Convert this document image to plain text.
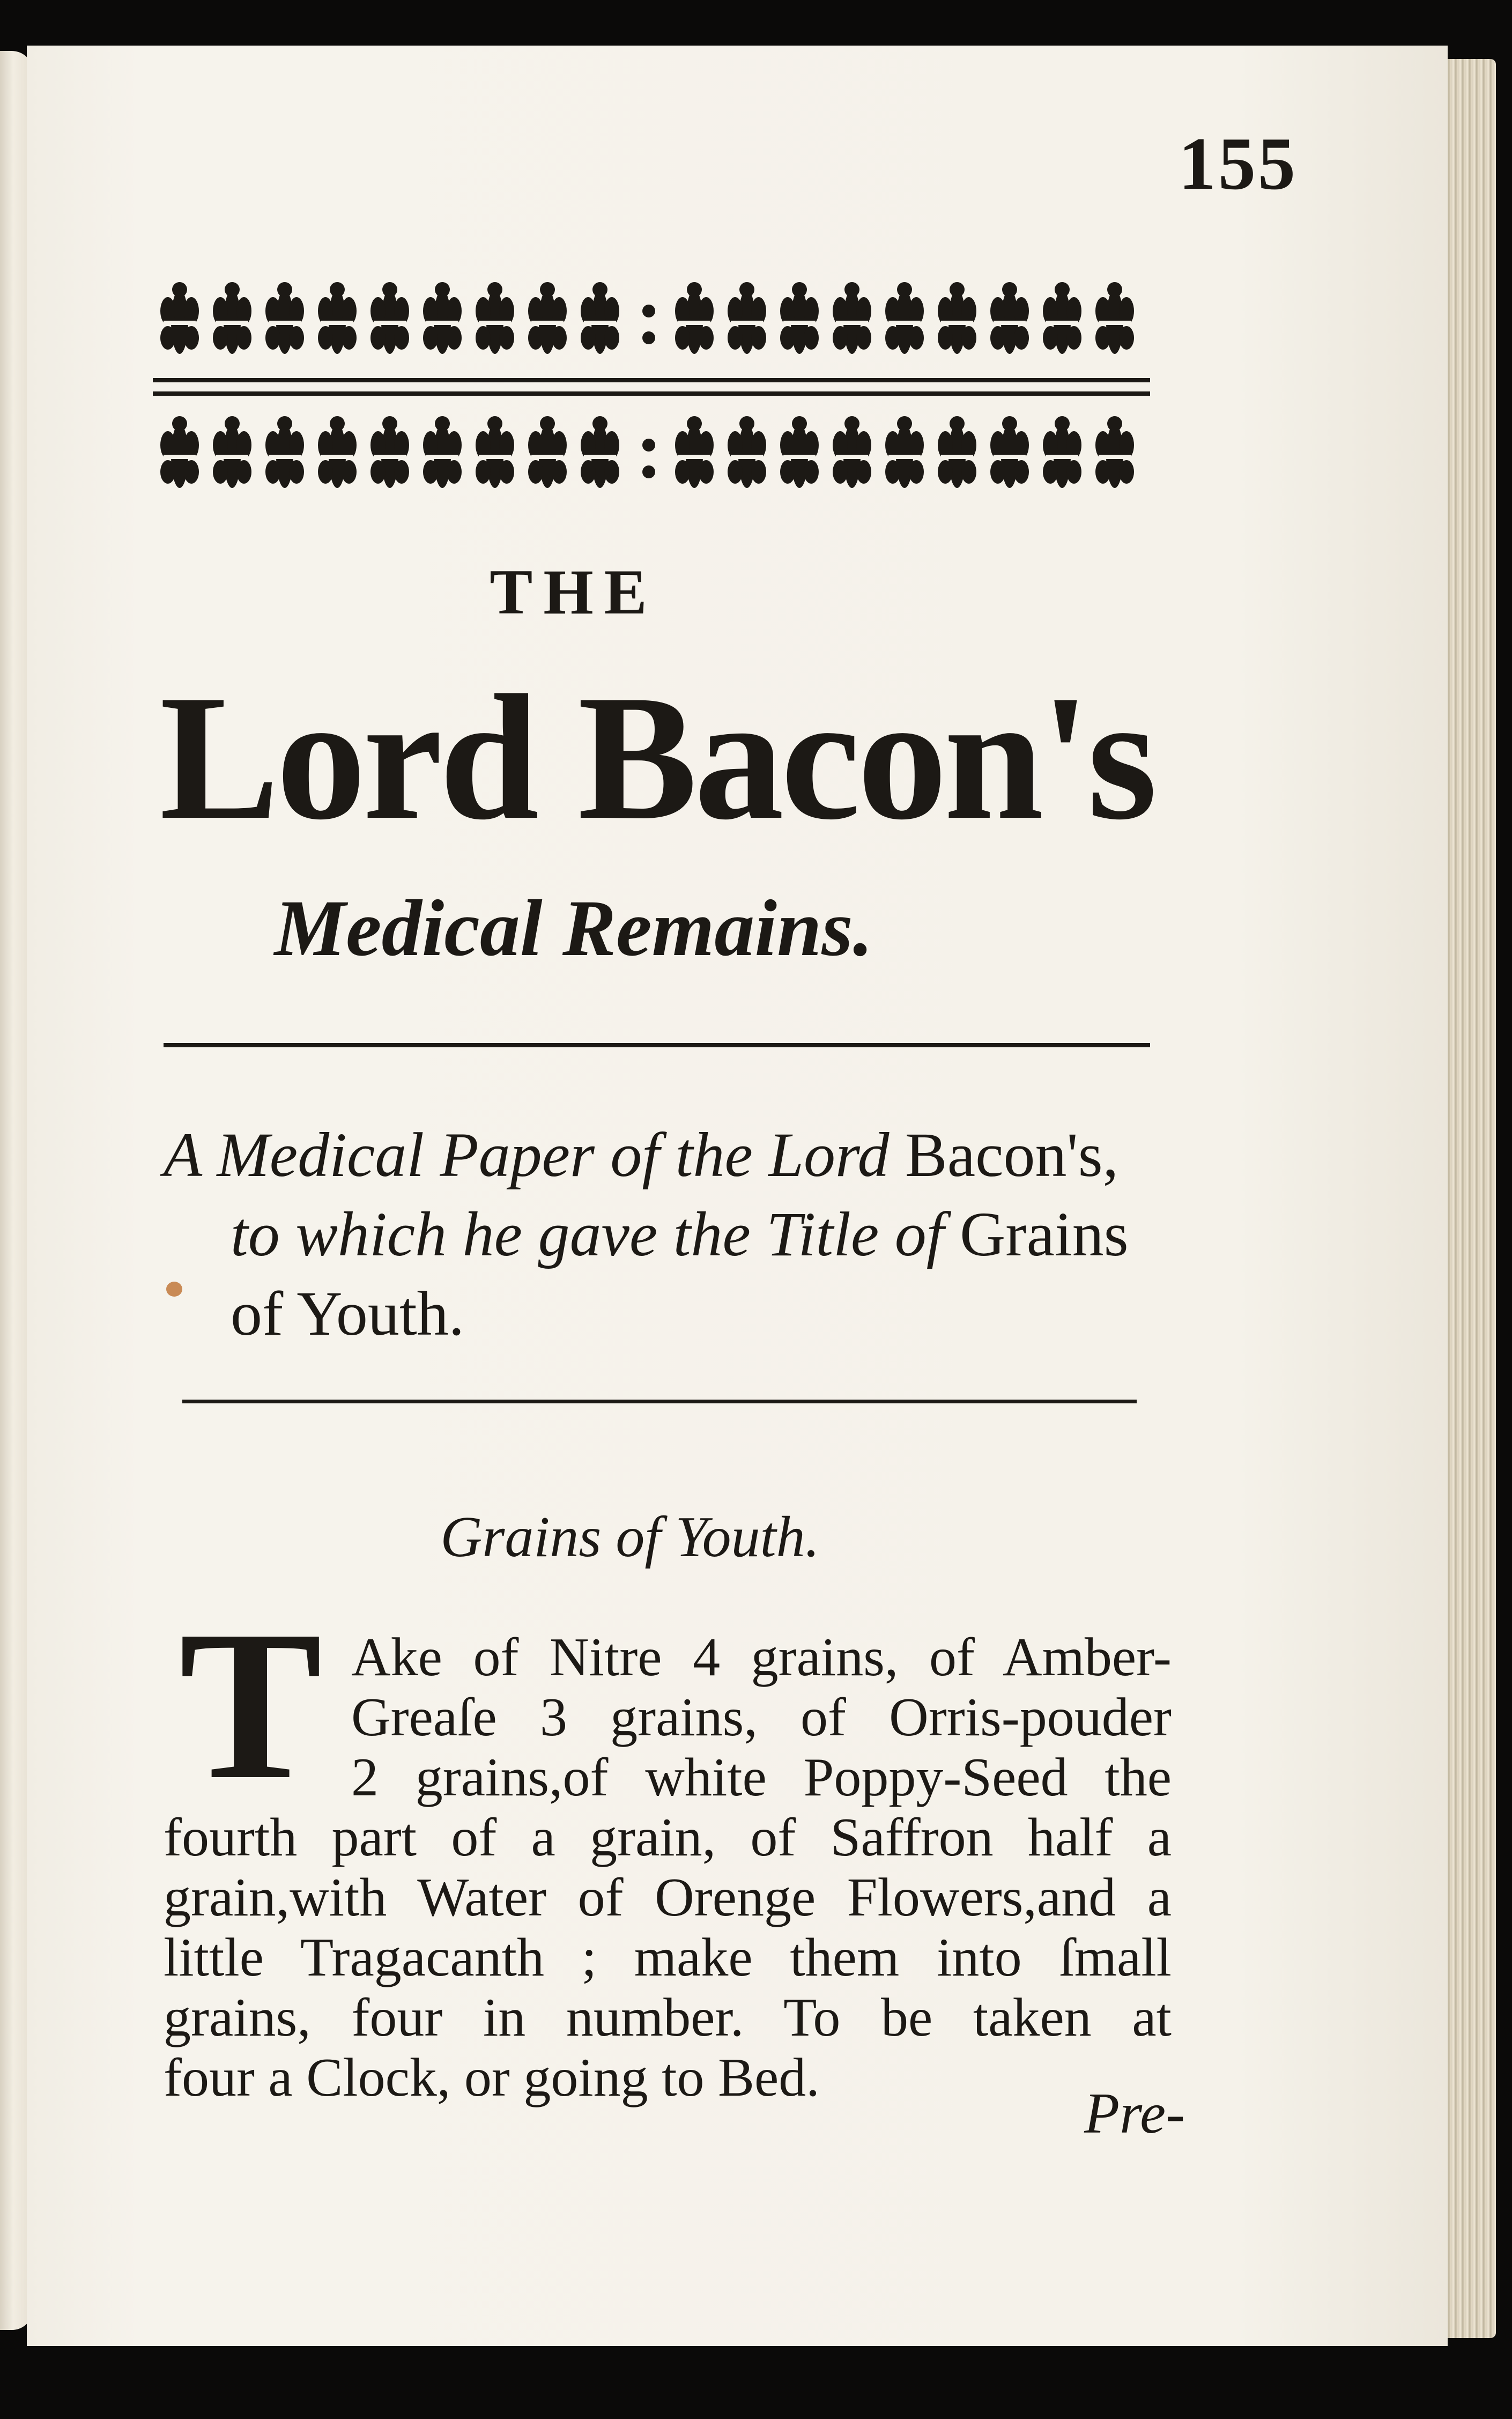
155
THE
Lord Bacon's
Medical Remains.
A Medical Paper of the Lord Bacon's,
to which he gave the Title of Grains
of Youth.
Grains of Youth.
T Ake of Nitre 4 grains, of Amber-
Greaſe 3 grains, of Orris-pouder
2 grains,of white Poppy-Seed the
fourth part of a grain, of Saffron half a
grain,with Water of Orenge Flowers,and a
little Tragacanth ; make them into ſmall
grains, four in number. To be taken at
four a Clock, or going to Bed.
Pre-
